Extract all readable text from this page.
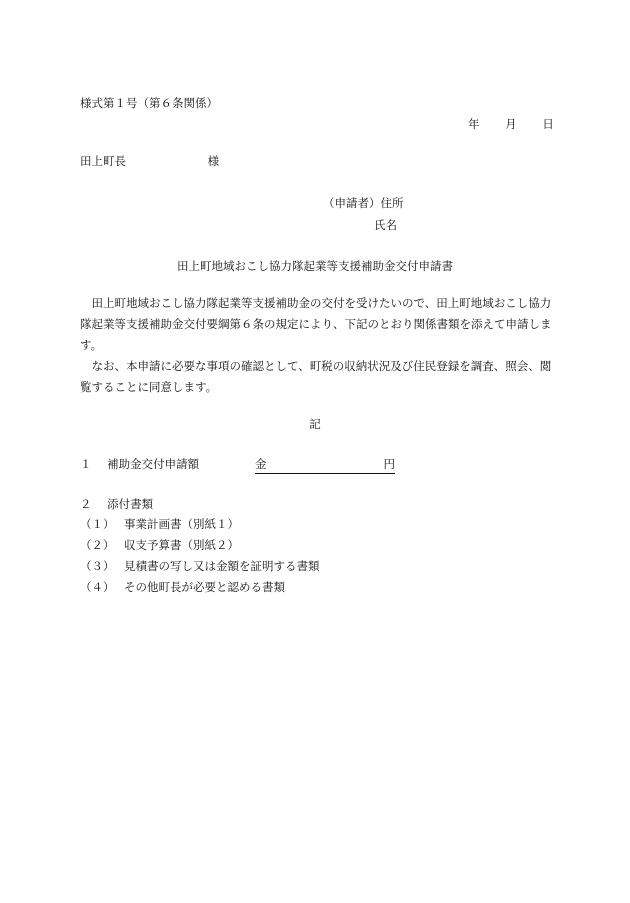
様式第１号（第６条関係）
年 月 日
田上町長	様
（申請者）住所
氏名
田上町地域おこし協力隊起業等支援補助金交付申請書

田上町地域おこし協力隊起業等支援補助金の交付を受けたいので、田上町地域おこし協力隊起業等支援補助金交付要綱第６条の規定により、下記のとおり関係書類を添えて申請します。

なお、本申請に必要な事項の確認として、町税の収納状況及び住民登録を調査、照会、閲覧することに同意します。

記
１ 補助金交付申請額	金	円
２ 添付書類
（１） 事業計画書（別紙１）
（２） 収支予算書（別紙２）
（３） 見積書の写し又は金額を証明する書類
（４） その他町長が必要と認める書類
